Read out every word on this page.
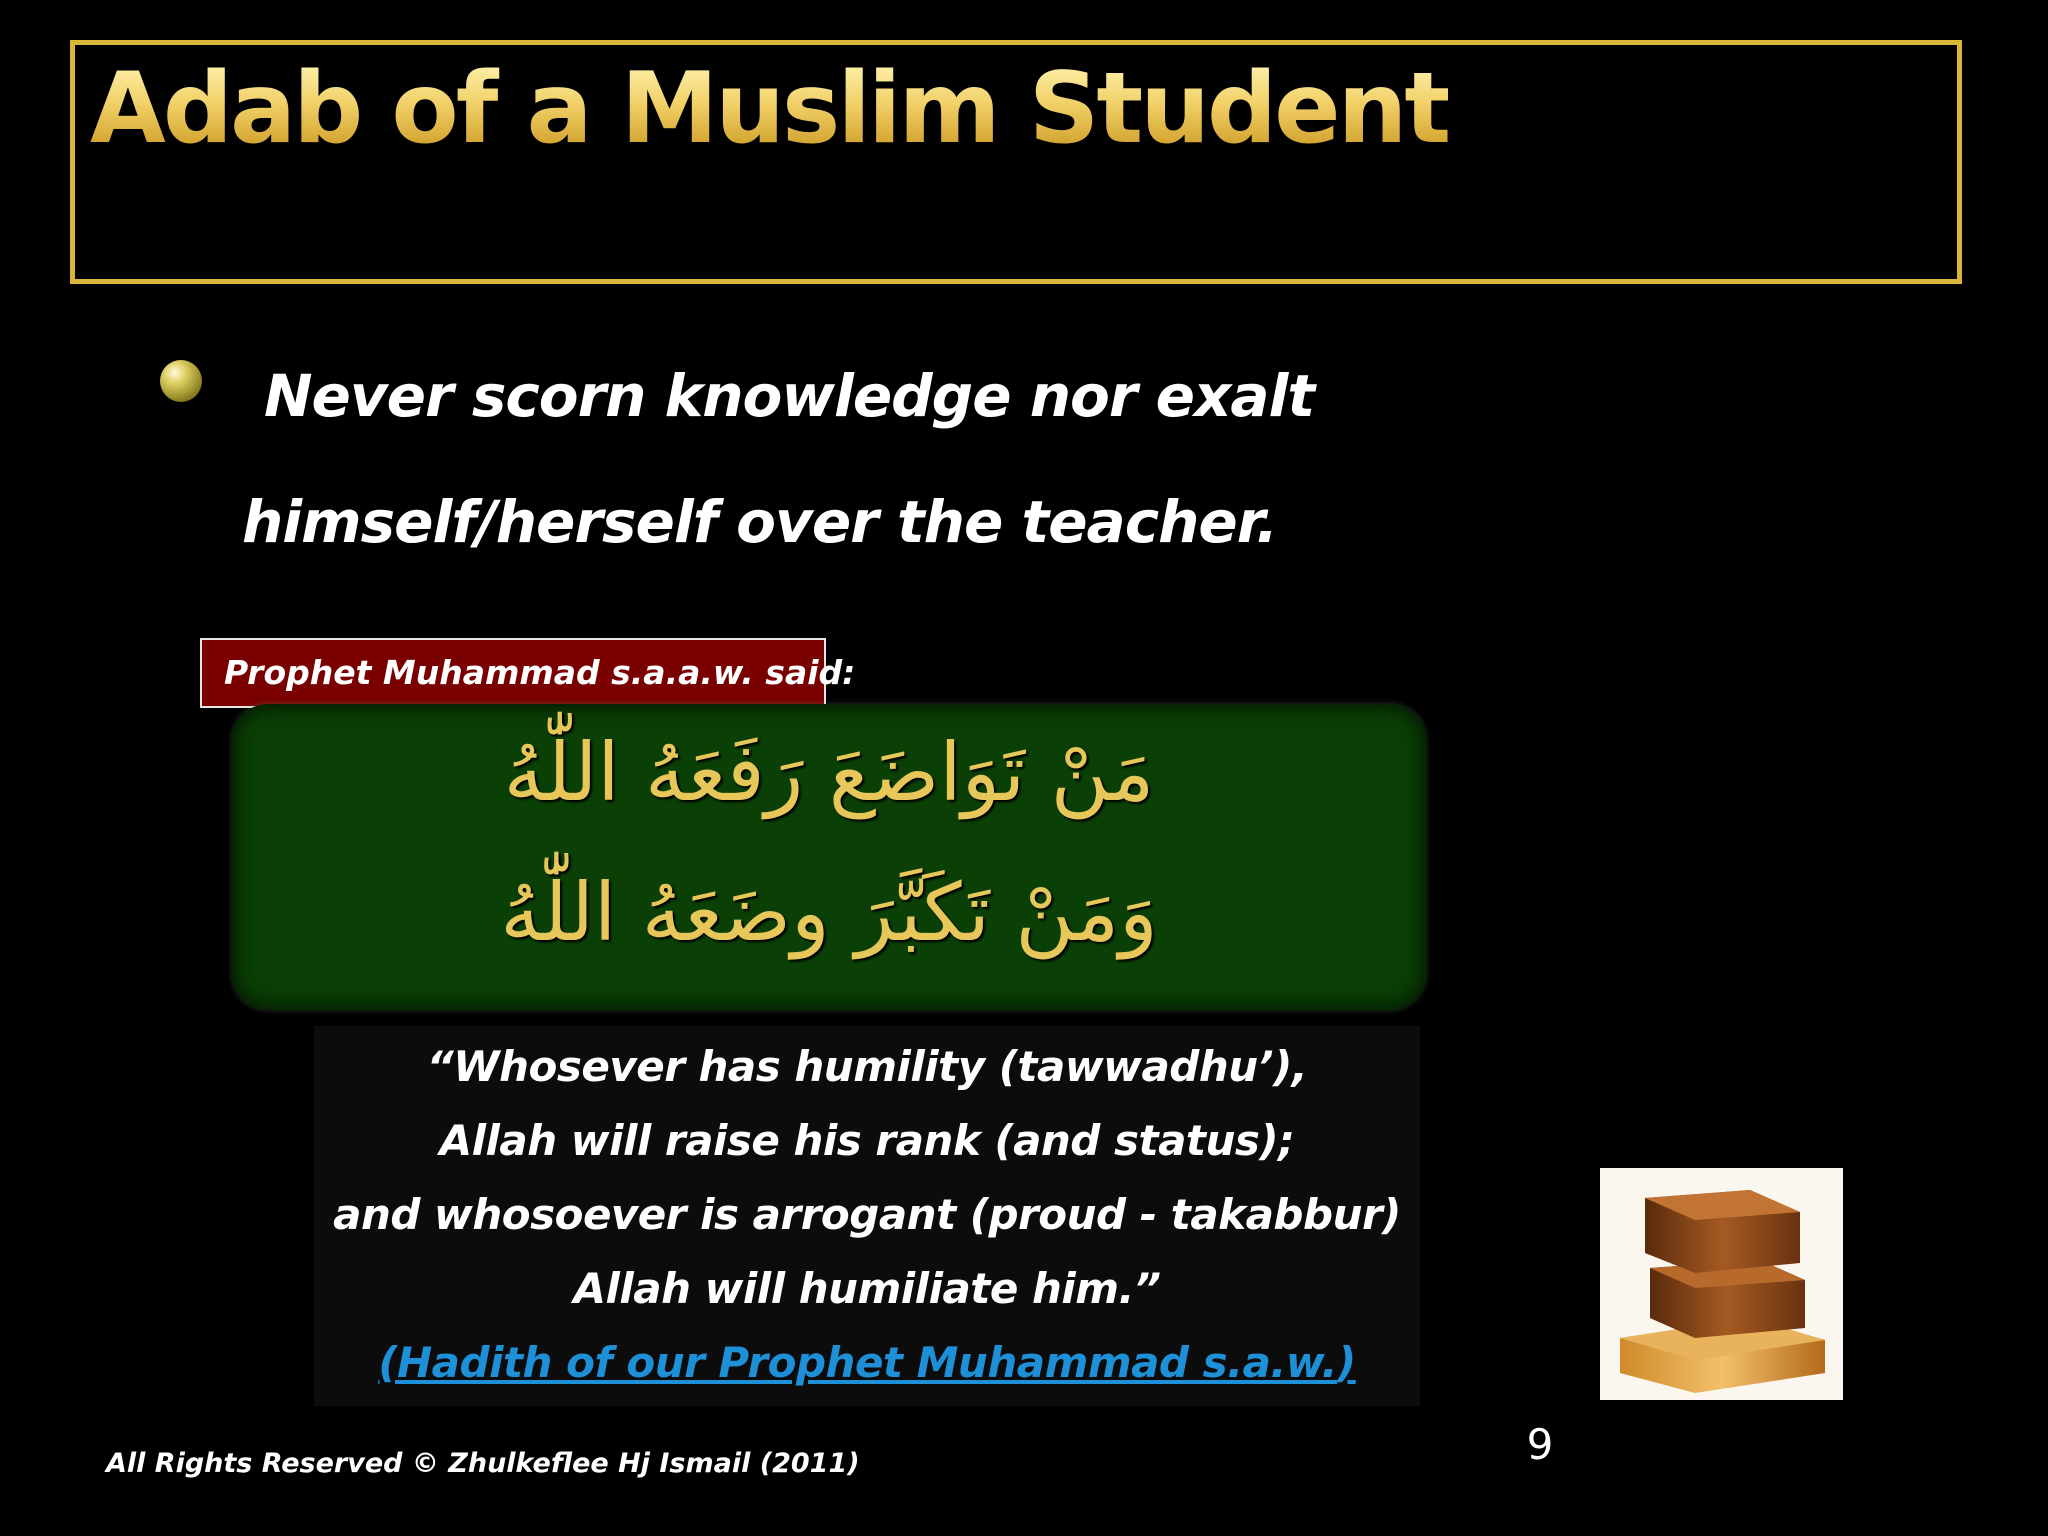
Adab of a Muslim Student
Never scorn knowledge nor exalt
himself/herself over the teacher.
Prophet Muhammad s.a.a.w. said:
مَنْ تَوَاضَعَ رَفَعَهُ اللّٰهُ
وَمَنْ تَكَبَّرَ وضَعَهُ اللّٰهُ
“Whosever has humility (tawwadhu’),
Allah will raise his rank (and status);
and whosoever is arrogant (proud - takabbur)
Allah will humiliate him.”
(Hadith of our Prophet Muhammad s.a.w.)
9
All Rights Reserved © Zhulkeflee Hj Ismail (2011)
